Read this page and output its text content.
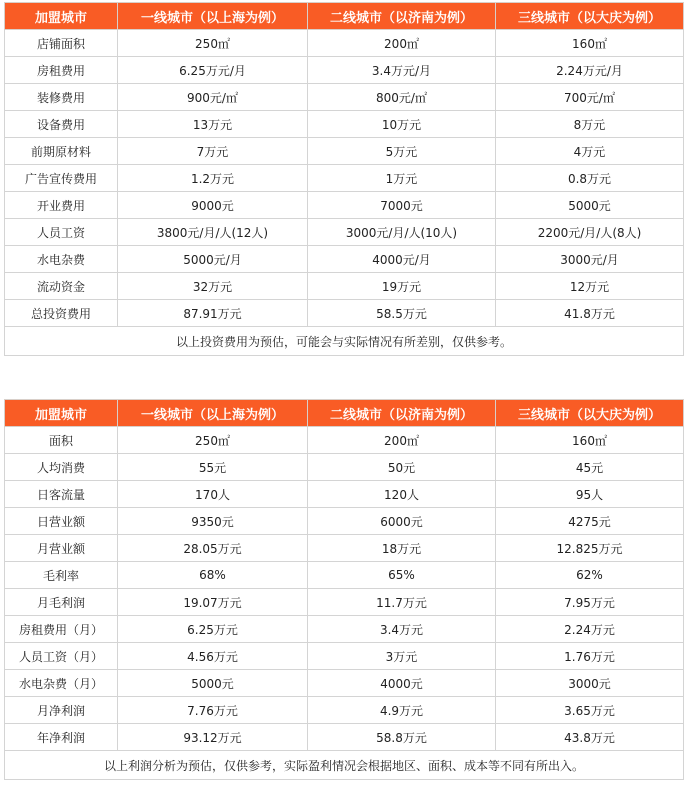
加盟城市	一线城市（以上海为例）	二线城市（以济南为例）	三线城市（以大庆为例）
店铺面积	250㎡	200㎡	160㎡
房租费用	6.25万元/月	3.4万元/月	2.24万元/月
装修费用	900元/㎡	800元/㎡	700元/㎡
设备费用	13万元	10万元	8万元
前期原材料	7万元	5万元	4万元
广告宣传费用	1.2万元	1万元	0.8万元
开业费用	9000元	7000元	5000元
人员工资	3800元/月/人(12人)	3000元/月/人(10人)	2200元/月/人(8人)
水电杂费	5000元/月	4000元/月	3000元/月
流动资金	32万元	19万元	12万元
总投资费用	87.91万元	58.5万元	41.8万元
以上投资费用为预估，可能会与实际情况有所差别，仅供参考。			
加盟城市	一线城市（以上海为例）	二线城市（以济南为例）	三线城市（以大庆为例）
面积	250㎡	200㎡	160㎡
人均消费	55元	50元	45元
日客流量	170人	120人	95人
日营业额	9350元	6000元	4275元
月营业额	28.05万元	18万元	12.825万元
毛利率	68%	65%	62%
月毛利润	19.07万元	11.7万元	7.95万元
房租费用（月）	6.25万元	3.4万元	2.24万元
人员工资（月）	4.56万元	3万元	1.76万元
水电杂费（月）	5000元	4000元	3000元
月净利润	7.76万元	4.9万元	3.65万元
年净利润	93.12万元	58.8万元	43.8万元
以上利润分析为预估，仅供参考，实际盈利情况会根据地区、面积、成本等不同有所出入。			
